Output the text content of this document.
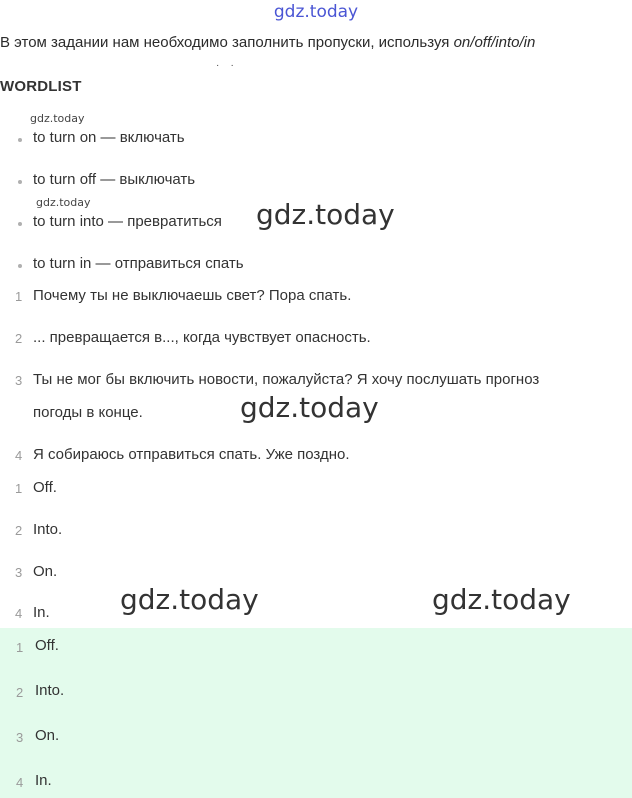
gdz.today
В этом задании нам необходимо заполнить пропуски, используя on/off/into/in
·    ·
WORDLIST
gdz.today
gdz.today
to turn on — включать
to turn off — выключать
to turn into — превратиться
to turn in — отправиться спать
gdz.today
gdz.today
gdz.today	gdz.today
1 Почему ты не выключаешь свет? Пора спать.
2 ... превращается в..., когда чувствует опасность.
3 Ты не мог бы включить новости, пожалуйста? Я хочу послушать прогноз
погоды в конце.
4 Я собираюсь отправиться спать. Уже поздно.
1 Off.
2 Into.
3 On.
4 In.
1 Off.
2 Into.
3 On.
4 In.
